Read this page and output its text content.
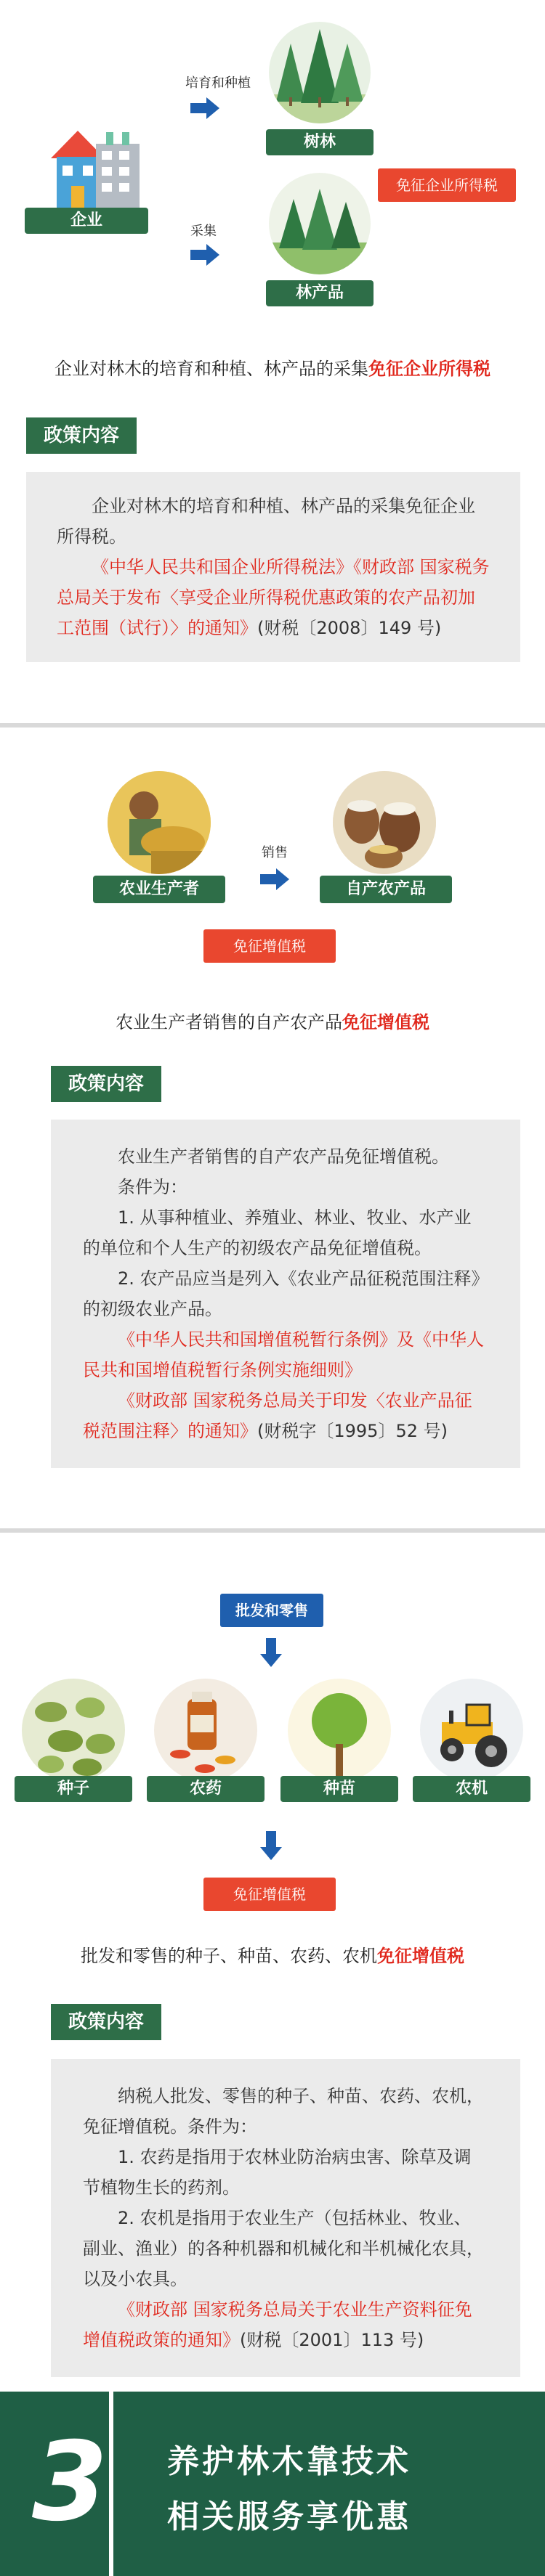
企业
培育和种植
采集
树林
林产品
免征企业所得税
企业对林木的培育和种植、林产品的采集免征企业所得税
政策内容

企业对林木的培育和种植、林产品的采集免征企业所得税。

《中华人民共和国企业所得税法》《财政部 国家税务总局关于发布〈享受企业所得税优惠政策的农产品初加工范围（试行）〉的通知》(财税〔2008〕149 号)

农业生产者
销售
自产农产品
免征增值税
农业生产者销售的自产农产品免征增值税
政策内容

农业生产者销售的自产农产品免征增值税。

条件为：

1. 从事种植业、养殖业、林业、牧业、水产业的单位和个人生产的初级农产品免征增值税。

2. 农产品应当是列入《农业产品征税范围注释》的初级农业产品。

《中华人民共和国增值税暂行条例》及《中华人民共和国增值税暂行条例实施细则》

《财政部 国家税务总局关于印发〈农业产品征税范围注释〉的通知》(财税字〔1995〕52 号)

批发和零售
种子	农药	种苗	农机
免征增值税
批发和零售的种子、种苗、农药、农机免征增值税
政策内容

纳税人批发、零售的种子、种苗、农药、农机，免征增值税。条件为：

1. 农药是指用于农林业防治病虫害、除草及调节植物生长的药剂。

2. 农机是指用于农业生产（包括林业、牧业、副业、渔业）的各种机器和机械化和半机械化农具，以及小农具。

《财政部 国家税务总局关于农业生产资料征免增值税政策的通知》(财税〔2001〕113 号)

3 养护林木靠技术
相关服务享优惠
